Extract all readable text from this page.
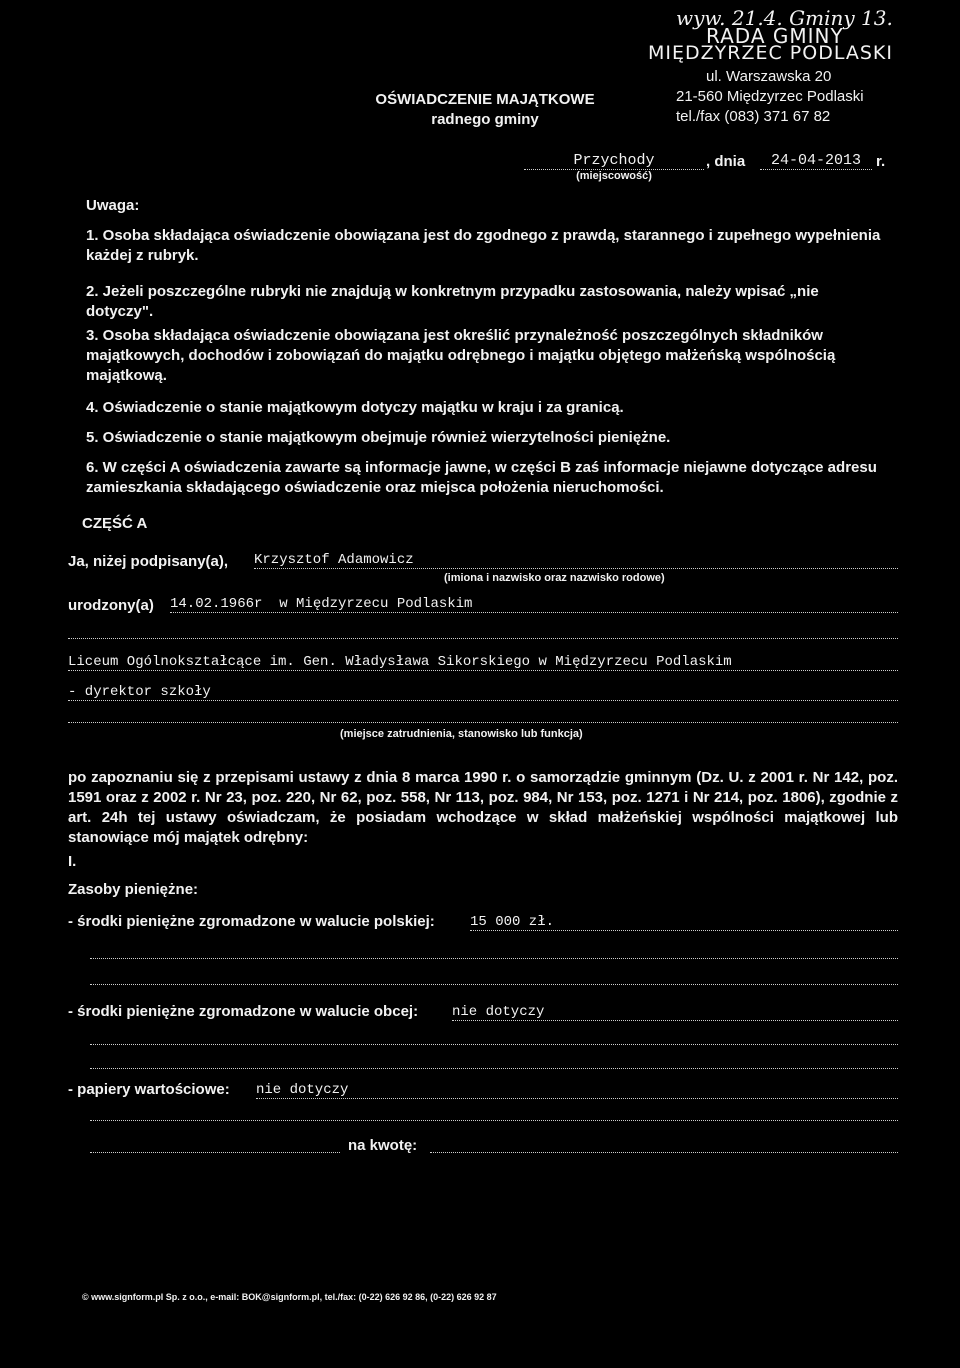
wyw. 21.4. Gminy 13.
RADA GMINY
MIĘDZYRZEC PODLASKI
ul. Warszawska 20
21-560 Międzyrzec Podlaski
tel./fax (083) 371 67 82
OŚWIADCZENIE MAJĄTKOWE
radnego gminy
Przychody
(miejscowość)
, dnia	24-04-2013	r.
Uwaga:
1. Osoba składająca oświadczenie obowiązana jest do zgodnego z prawdą, starannego i zupełnego wypełnienia każdej z rubryk.
2. Jeżeli poszczególne rubryki nie znajdują w konkretnym przypadku zastosowania, należy wpisać „nie dotyczy".
3. Osoba składająca oświadczenie obowiązana jest określić przynależność poszczególnych składników majątkowych, dochodów i zobowiązań do majątku odrębnego i majątku objętego małżeńską wspólnością majątkową.
4. Oświadczenie o stanie majątkowym dotyczy majątku w kraju i za granicą.
5. Oświadczenie o stanie majątkowym obejmuje również wierzytelności pieniężne.
6. W części A oświadczenia zawarte są informacje jawne, w części B zaś informacje niejawne dotyczące adresu zamieszkania składającego oświadczenie oraz miejsca położenia nieruchomości.
CZĘŚĆ A
Ja, niżej podpisany(a), Krzysztof Adamowicz
(imiona i nazwisko oraz nazwisko rodowe)
urodzony(a) 14.02.1966r  w Międzyrzecu Podlaskim
Liceum Ogólnokształcące im. Gen. Władysława Sikorskiego w Międzyrzecu Podlaskim
- dyrektor szkoły
(miejsce zatrudnienia, stanowisko lub funkcja)
po zapoznaniu się z przepisami ustawy z dnia 8 marca 1990 r. o samorządzie gminnym (Dz. U. z 2001 r. Nr 142, poz. 1591 oraz z 2002 r. Nr 23, poz. 220, Nr 62, poz. 558, Nr 113, poz. 984, Nr 153, poz. 1271 i Nr 214, poz. 1806), zgodnie z art. 24h tej ustawy oświadczam, że posiadam wchodzące w skład małżeńskiej wspólności majątkowej lub stanowiące mój majątek odrębny:
I.
Zasoby pieniężne:
- środki pieniężne zgromadzone w walucie polskiej:	15 000 zł.
- środki pieniężne zgromadzone w walucie obcej: nie dotyczy
- papiery wartościowe: nie dotyczy
na kwotę:
© www.signform.pl Sp. z o.o., e-mail: BOK@signform.pl, tel./fax: (0-22) 626 92 86, (0-22) 626 92 87
